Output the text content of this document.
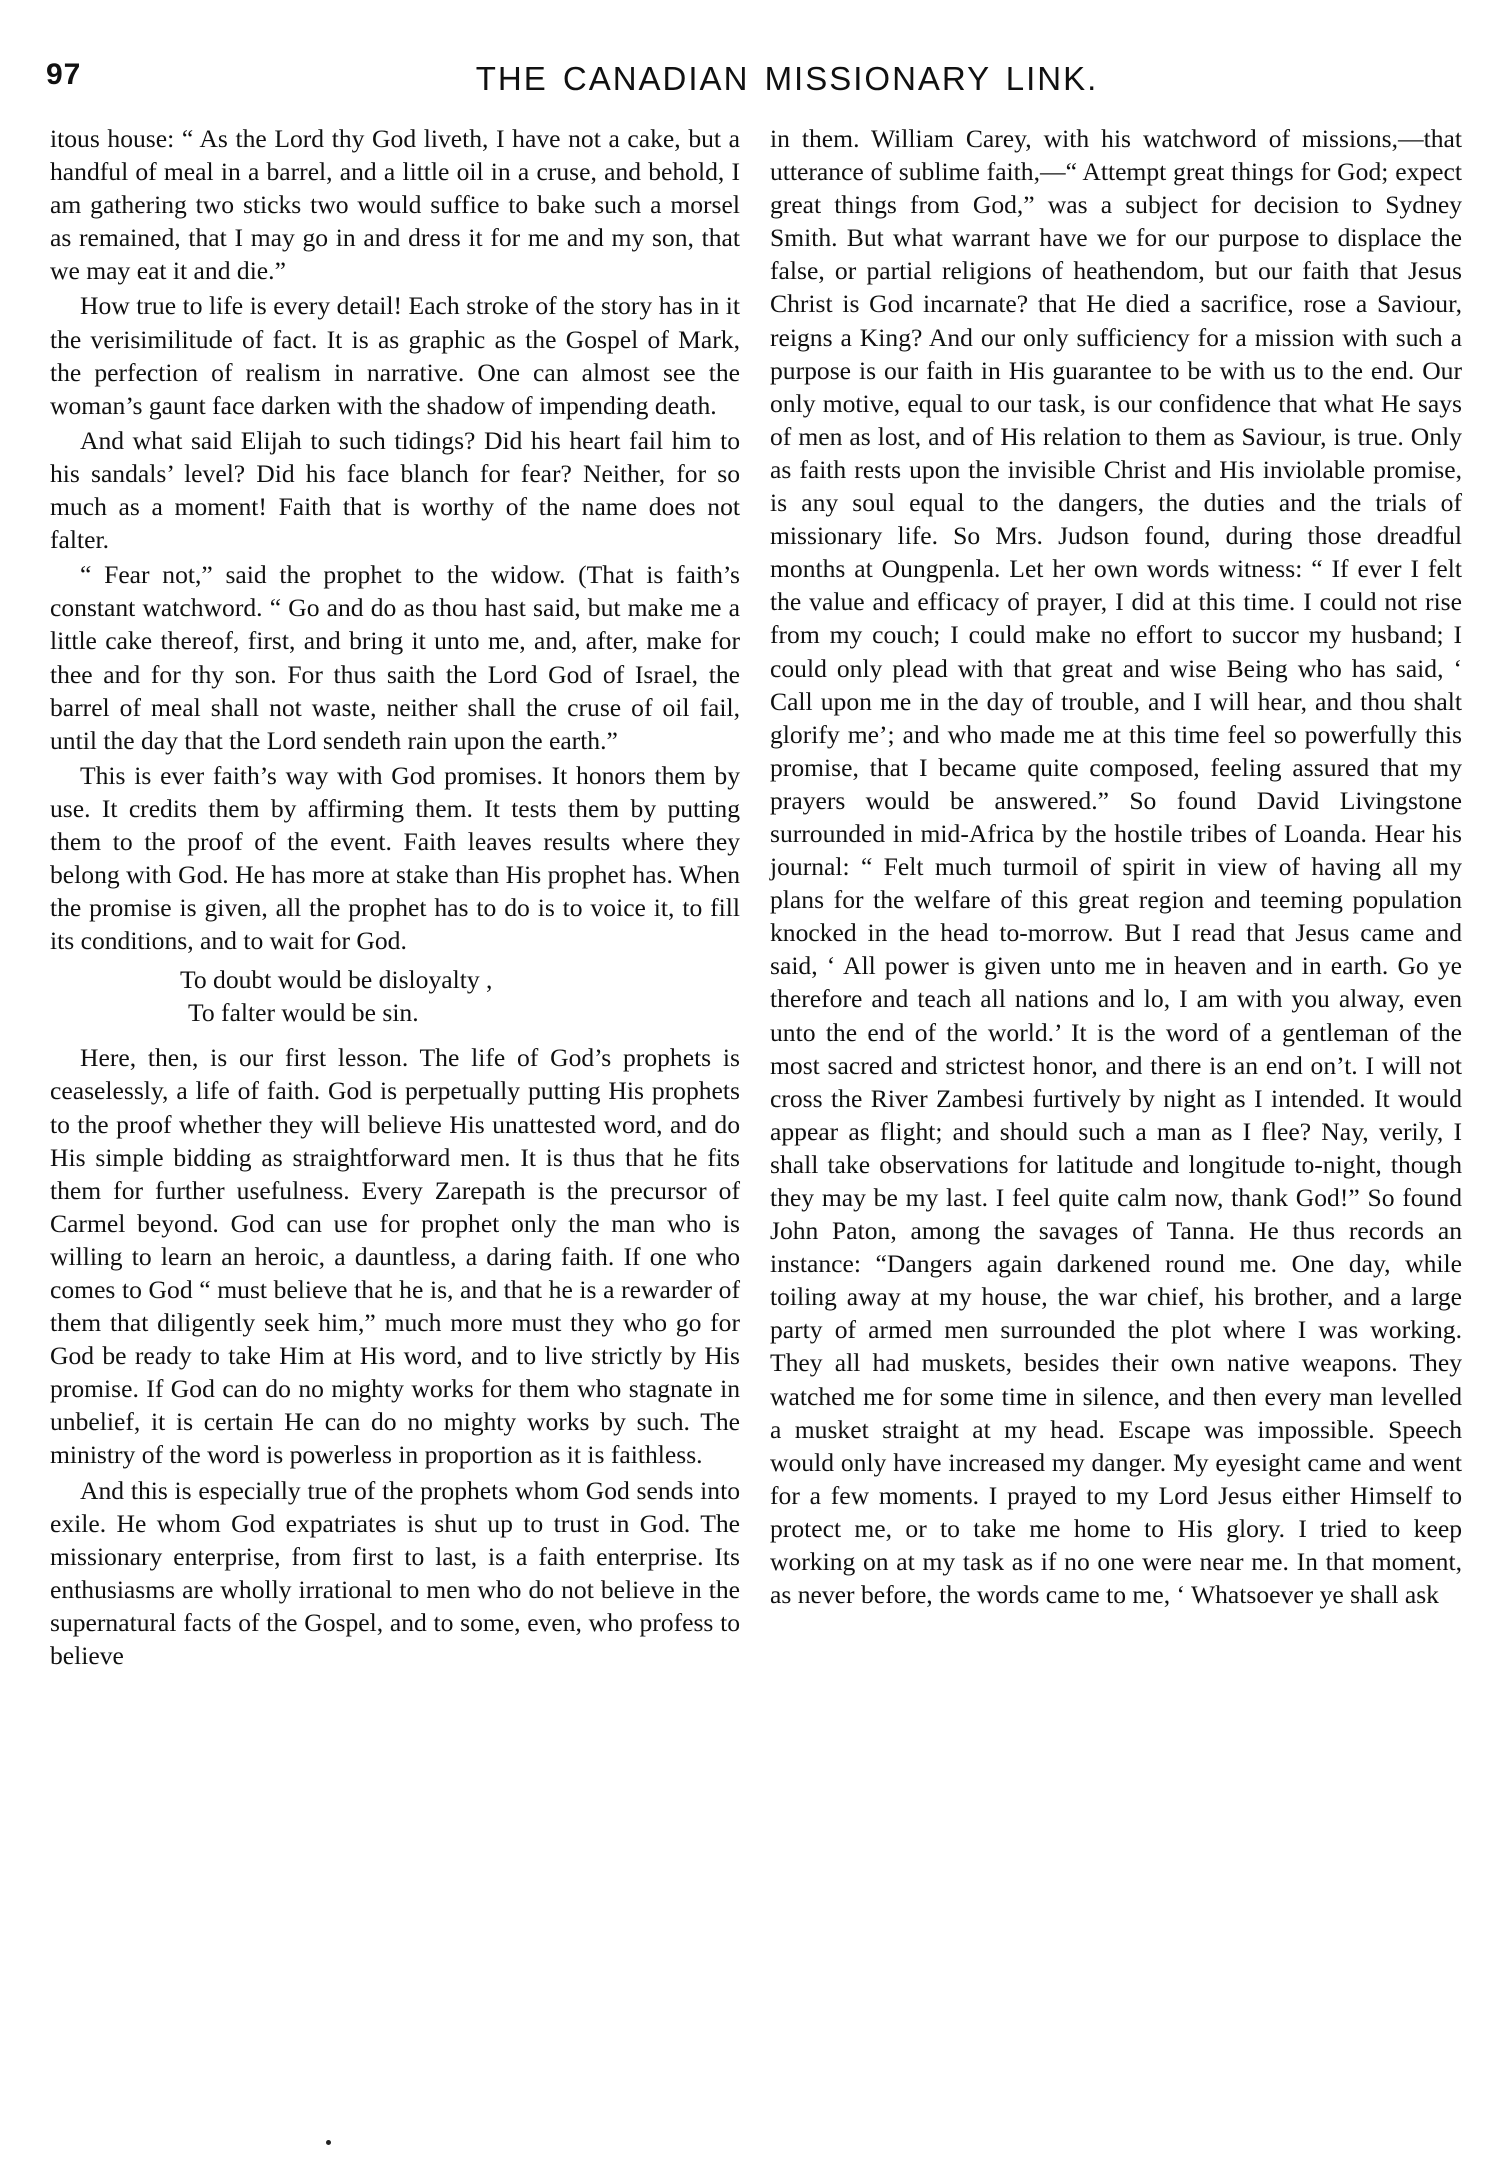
97	THE CANADIAN MISSIONARY LINK.

itous house: “ As the Lord thy God liveth, I have not a cake, but a handful of meal in a barrel, and a little oil in a cruse, and behold, I am gathering two sticks two would suffice to bake such a morsel as remained, that I may go in and dress it for me and my son, that we may eat it and die.”

How true to life is every detail! Each stroke of the story has in it the verisimilitude of fact. It is as graphic as the Gospel of Mark, the perfection of realism in narrative. One can almost see the woman’s gaunt face darken with the shadow of impending death.

And what said Elijah to such tidings? Did his heart fail him to his sandals’ level? Did his face blanch for fear? Neither, for so much as a moment! Faith that is worthy of the name does not falter.

“ Fear not,” said the prophet to the widow. (That is faith’s constant watchword. “ Go and do as thou hast said, but make me a little cake thereof, first, and bring it unto me, and, after, make for thee and for thy son. For thus saith the Lord God of Israel, the barrel of meal shall not waste, neither shall the cruse of oil fail, until the day that the Lord sendeth rain upon the earth.”

This is ever faith’s way with God promises. It honors them by use. It credits them by affirming them. It tests them by putting them to the proof of the event. Faith leaves results where they belong with God. He has more at stake than His prophet has. When the promise is given, all the prophet has to do is to voice it, to fill its conditions, and to wait for God.

To doubt would be disloyalty ,
To falter would be sin.

Here, then, is our first lesson. The life of God’s prophets is ceaselessly, a life of faith. God is perpetually putting His prophets to the proof whether they will believe His unattested word, and do His simple bidding as straightforward men. It is thus that he fits them for further usefulness. Every Zarepath is the precursor of Carmel beyond. God can use for prophet only the man who is willing to learn an heroic, a dauntless, a daring faith. If one who comes to God “ must believe that he is, and that he is a rewarder of them that diligently seek him,” much more must they who go for God be ready to take Him at His word, and to live strictly by His promise. If God can do no mighty works for them who stagnate in unbelief, it is certain He can do no mighty works by such. The ministry of the word is powerless in proportion as it is faithless.

And this is especially true of the prophets whom God sends into exile. He whom God expatriates is shut up to trust in God. The missionary enterprise, from first to last, is a faith enterprise. Its enthusiasms are wholly irrational to men who do not believe in the supernatural facts of the Gospel, and to some, even, who profess to believe

in them. William Carey, with his watchword of missions,—that utterance of sublime faith,—“ Attempt great things for God; expect great things from God,” was a subject for decision to Sydney Smith. But what warrant have we for our purpose to displace the false, or partial religions of heathendom, but our faith that Jesus Christ is God incarnate? that He died a sacrifice, rose a Saviour, reigns a King? And our only sufficiency for a mission with such a purpose is our faith in His guarantee to be with us to the end. Our only motive, equal to our task, is our confidence that what He says of men as lost, and of His relation to them as Saviour, is true. Only as faith rests upon the invisible Christ and His inviolable promise, is any soul equal to the dangers, the duties and the trials of missionary life. So Mrs. Judson found, during those dreadful months at Oungpenla. Let her own words witness: “ If ever I felt the value and efficacy of prayer, I did at this time. I could not rise from my couch; I could make no effort to succor my husband; I could only plead with that great and wise Being who has said, ‘ Call upon me in the day of trouble, and I will hear, and thou shalt glorify me’; and who made me at this time feel so powerfully this promise, that I became quite composed, feeling assured that my prayers would be answered.” So found David Livingstone surrounded in mid-Africa by the hostile tribes of Loanda. Hear his journal: “ Felt much turmoil of spirit in view of having all my plans for the welfare of this great region and teeming population knocked in the head to-morrow. But I read that Jesus came and said, ‘ All power is given unto me in heaven and in earth. Go ye therefore and teach all nations and lo, I am with you alway, even unto the end of the world.’ It is the word of a gentleman of the most sacred and strictest honor, and there is an end on’t. I will not cross the River Zambesi furtively by night as I intended. It would appear as flight; and should such a man as I flee? Nay, verily, I shall take observations for latitude and longitude to-night, though they may be my last. I feel quite calm now, thank God!” So found John Paton, among the savages of Tanna. He thus records an instance: “Dangers again darkened round me. One day, while toiling away at my house, the war chief, his brother, and a large party of armed men surrounded the plot where I was working. They all had muskets, besides their own native weapons. They watched me for some time in silence, and then every man levelled a musket straight at my head. Escape was impossible. Speech would only have increased my danger. My eyesight came and went for a few moments. I prayed to my Lord Jesus either Himself to protect me, or to take me home to His glory. I tried to keep working on at my task as if no one were near me. In that moment, as never before, the words came to me, ‘ Whatsoever ye shall ask
